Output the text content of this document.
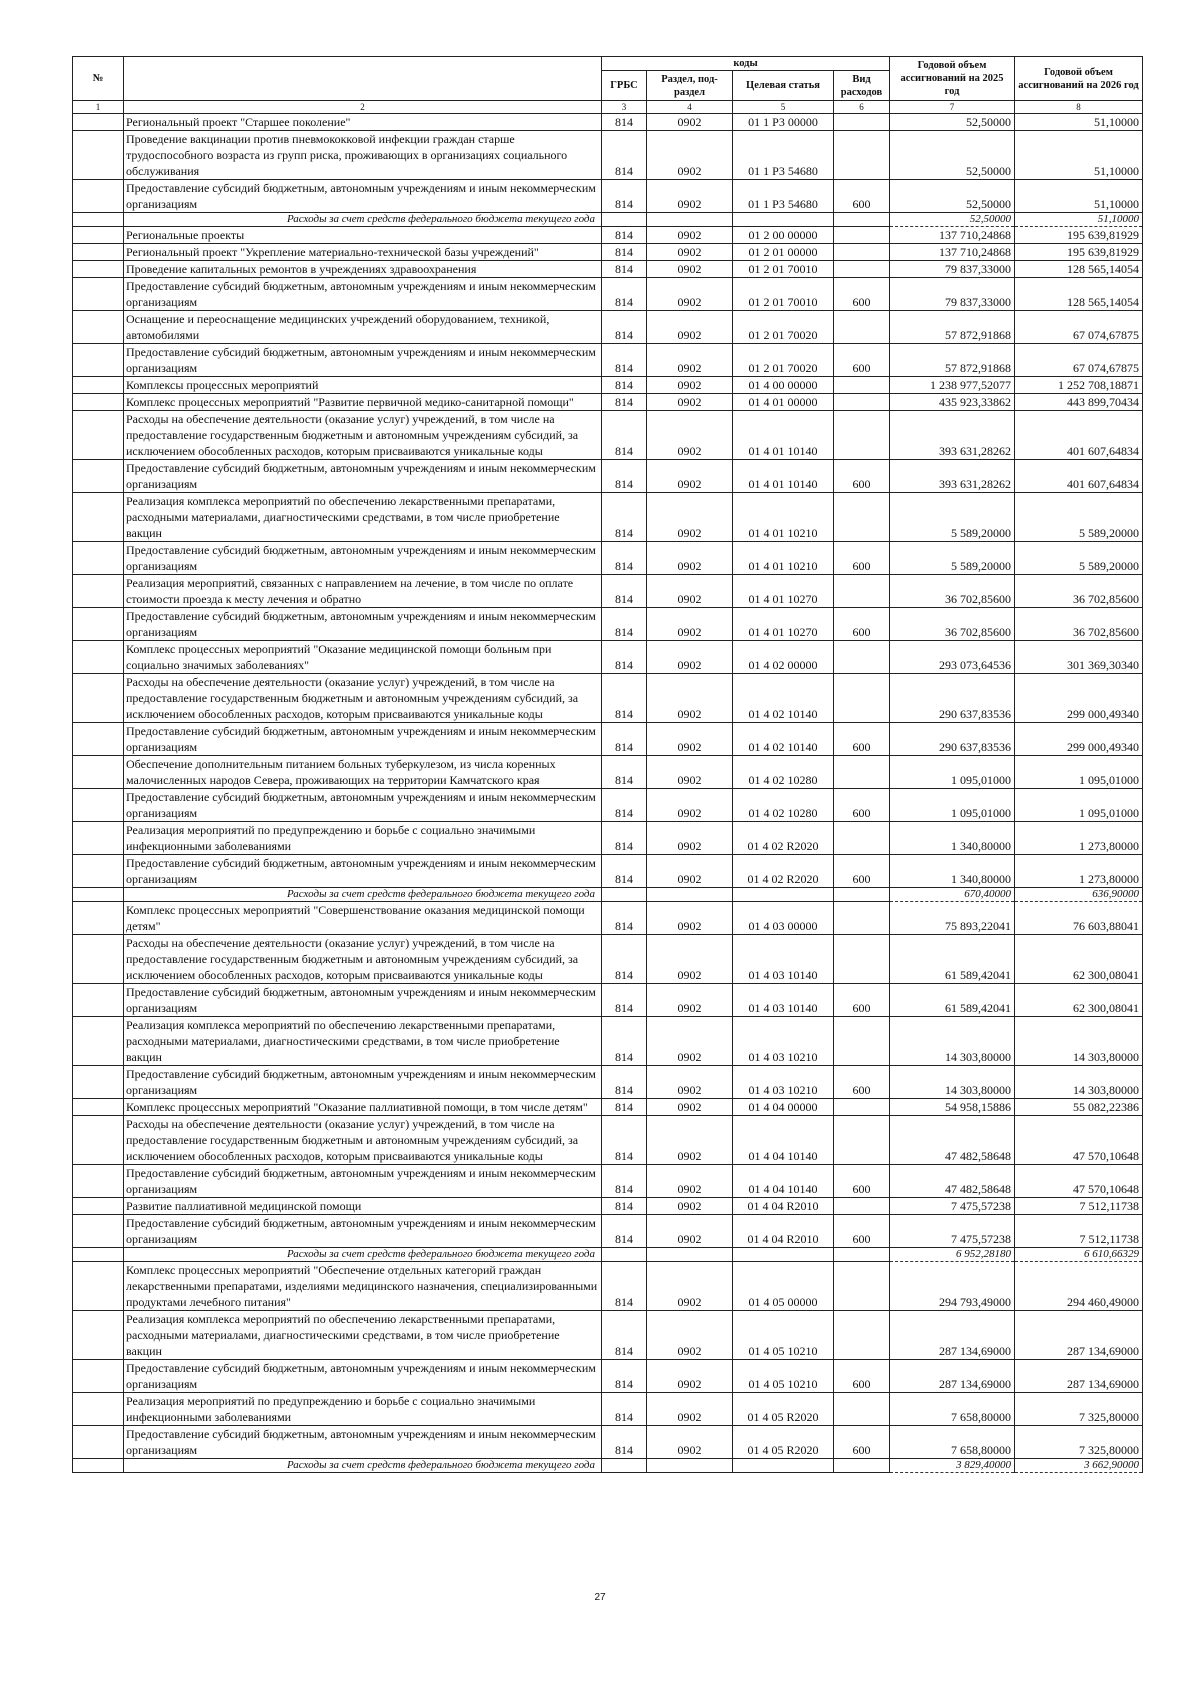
№		коды				Годовой объем ассигнований на 2025 год	Годовой объем ассигнований на 2026 год
		ГРБС	Раздел, под-раздел	Целевая статья	Вид расходов		
1	2	3	4	5	6	7	8
	Региональный проект "Старшее поколение"	814	0902	01 1 Р3 00000		52,50000	51,10000
	Проведение вакцинации против пневмококковой инфекции граждан старше трудоспособного возраста из групп риска, проживающих в организациях социального обслуживания	814	0902	01 1 Р3 54680		52,50000	51,10000
	Предоставление субсидий бюджетным, автономным учреждениям и иным некоммерческим организациям	814	0902	01 1 Р3 54680	600	52,50000	51,10000
	Расходы за счет средств федерального бюджета текущего года					52,50000	51,10000
	Региональные проекты	814	0902	01 2 00 00000		137 710,24868	195 639,81929
	Региональный проект "Укрепление материально-технической базы учреждений"	814	0902	01 2 01 00000		137 710,24868	195 639,81929
	Проведение капитальных ремонтов в учреждениях здравоохранения	814	0902	01 2 01 70010		79 837,33000	128 565,14054
	Предоставление субсидий бюджетным, автономным учреждениям и иным некоммерческим организациям	814	0902	01 2 01 70010	600	79 837,33000	128 565,14054
	Оснащение и переоснащение медицинских учреждений оборудованием, техникой, автомобилями	814	0902	01 2 01 70020		57 872,91868	67 074,67875
	Предоставление субсидий бюджетным, автономным учреждениям и иным некоммерческим организациям	814	0902	01 2 01 70020	600	57 872,91868	67 074,67875
	Комплексы процессных мероприятий	814	0902	01 4 00 00000		1 238 977,52077	1 252 708,18871
	Комплекс процессных мероприятий "Развитие первичной медико-санитарной помощи"	814	0902	01 4 01 00000		435 923,33862	443 899,70434
	Расходы на обеспечение деятельности (оказание услуг) учреждений, в том числе на предоставление государственным бюджетным и автономным учреждениям субсидий, за исключением обособленных расходов, которым присваиваются уникальные коды	814	0902	01 4 01 10140		393 631,28262	401 607,64834
	Предоставление субсидий бюджетным, автономным учреждениям и иным некоммерческим организациям	814	0902	01 4 01 10140	600	393 631,28262	401 607,64834
	Реализация комплекса мероприятий по обеспечению лекарственными препаратами, расходными материалами, диагностическими средствами, в том числе приобретение вакцин	814	0902	01 4 01 10210		5 589,20000	5 589,20000
	Предоставление субсидий бюджетным, автономным учреждениям и иным некоммерческим организациям	814	0902	01 4 01 10210	600	5 589,20000	5 589,20000
	Реализация мероприятий, связанных с направлением на лечение, в том числе по оплате стоимости проезда к месту лечения и обратно	814	0902	01 4 01 10270		36 702,85600	36 702,85600
	Предоставление субсидий бюджетным, автономным учреждениям и иным некоммерческим организациям	814	0902	01 4 01 10270	600	36 702,85600	36 702,85600
	Комплекс процессных мероприятий "Оказание медицинской помощи больным при социально значимых заболеваниях"	814	0902	01 4 02 00000		293 073,64536	301 369,30340
	Расходы на обеспечение деятельности (оказание услуг) учреждений, в том числе на предоставление государственным бюджетным и автономным учреждениям субсидий, за исключением обособленных расходов, которым присваиваются уникальные коды	814	0902	01 4 02 10140		290 637,83536	299 000,49340
	Предоставление субсидий бюджетным, автономным учреждениям и иным некоммерческим организациям	814	0902	01 4 02 10140	600	290 637,83536	299 000,49340
	Обеспечение дополнительным питанием больных туберкулезом, из числа коренных малочисленных народов Севера, проживающих на территории Камчатского края	814	0902	01 4 02 10280		1 095,01000	1 095,01000
	Предоставление субсидий бюджетным, автономным учреждениям и иным некоммерческим организациям	814	0902	01 4 02 10280	600	1 095,01000	1 095,01000
	Реализация мероприятий по предупреждению и борьбе с социально значимыми инфекционными заболеваниями	814	0902	01 4 02 R2020		1 340,80000	1 273,80000
	Предоставление субсидий бюджетным, автономным учреждениям и иным некоммерческим организациям	814	0902	01 4 02 R2020	600	1 340,80000	1 273,80000
	Расходы за счет средств федерального бюджета текущего года					670,40000	636,90000
	Комплекс процессных мероприятий "Совершенствование оказания медицинской помощи детям"	814	0902	01 4 03 00000		75 893,22041	76 603,88041
	Расходы на обеспечение деятельности (оказание услуг) учреждений, в том числе на предоставление государственным бюджетным и автономным учреждениям субсидий, за исключением обособленных расходов, которым присваиваются уникальные коды	814	0902	01 4 03 10140		61 589,42041	62 300,08041
	Предоставление субсидий бюджетным, автономным учреждениям и иным некоммерческим организациям	814	0902	01 4 03 10140	600	61 589,42041	62 300,08041
	Реализация комплекса мероприятий по обеспечению лекарственными препаратами, расходными материалами, диагностическими средствами, в том числе приобретение вакцин	814	0902	01 4 03 10210		14 303,80000	14 303,80000
	Предоставление субсидий бюджетным, автономным учреждениям и иным некоммерческим организациям	814	0902	01 4 03 10210	600	14 303,80000	14 303,80000
	Комплекс процессных мероприятий "Оказание паллиативной помощи, в том числе детям"	814	0902	01 4 04 00000		54 958,15886	55 082,22386
	Расходы на обеспечение деятельности (оказание услуг) учреждений, в том числе на предоставление государственным бюджетным и автономным учреждениям субсидий, за исключением обособленных расходов, которым присваиваются уникальные коды	814	0902	01 4 04 10140		47 482,58648	47 570,10648
	Предоставление субсидий бюджетным, автономным учреждениям и иным некоммерческим организациям	814	0902	01 4 04 10140	600	47 482,58648	47 570,10648
	Развитие паллиативной медицинской помощи	814	0902	01 4 04 R2010		7 475,57238	7 512,11738
	Предоставление субсидий бюджетным, автономным учреждениям и иным некоммерческим организациям	814	0902	01 4 04 R2010	600	7 475,57238	7 512,11738
	Расходы за счет средств федерального бюджета текущего года					6 952,28180	6 610,66329
	Комплекс процессных мероприятий "Обеспечение отдельных категорий граждан лекарственными препаратами, изделиями медицинского назначения, специализированными продуктами лечебного питания"	814	0902	01 4 05 00000		294 793,49000	294 460,49000
	Реализация комплекса мероприятий по обеспечению лекарственными препаратами, расходными материалами, диагностическими средствами, в том числе приобретение вакцин	814	0902	01 4 05 10210		287 134,69000	287 134,69000
	Предоставление субсидий бюджетным, автономным учреждениям и иным некоммерческим организациям	814	0902	01 4 05 10210	600	287 134,69000	287 134,69000
	Реализация мероприятий по предупреждению и борьбе с социально значимыми инфекционными заболеваниями	814	0902	01 4 05 R2020		7 658,80000	7 325,80000
	Предоставление субсидий бюджетным, автономным учреждениям и иным некоммерческим организациям	814	0902	01 4 05 R2020	600	7 658,80000	7 325,80000
	Расходы за счет средств федерального бюджета текущего года					3 829,40000	3 662,90000
27
